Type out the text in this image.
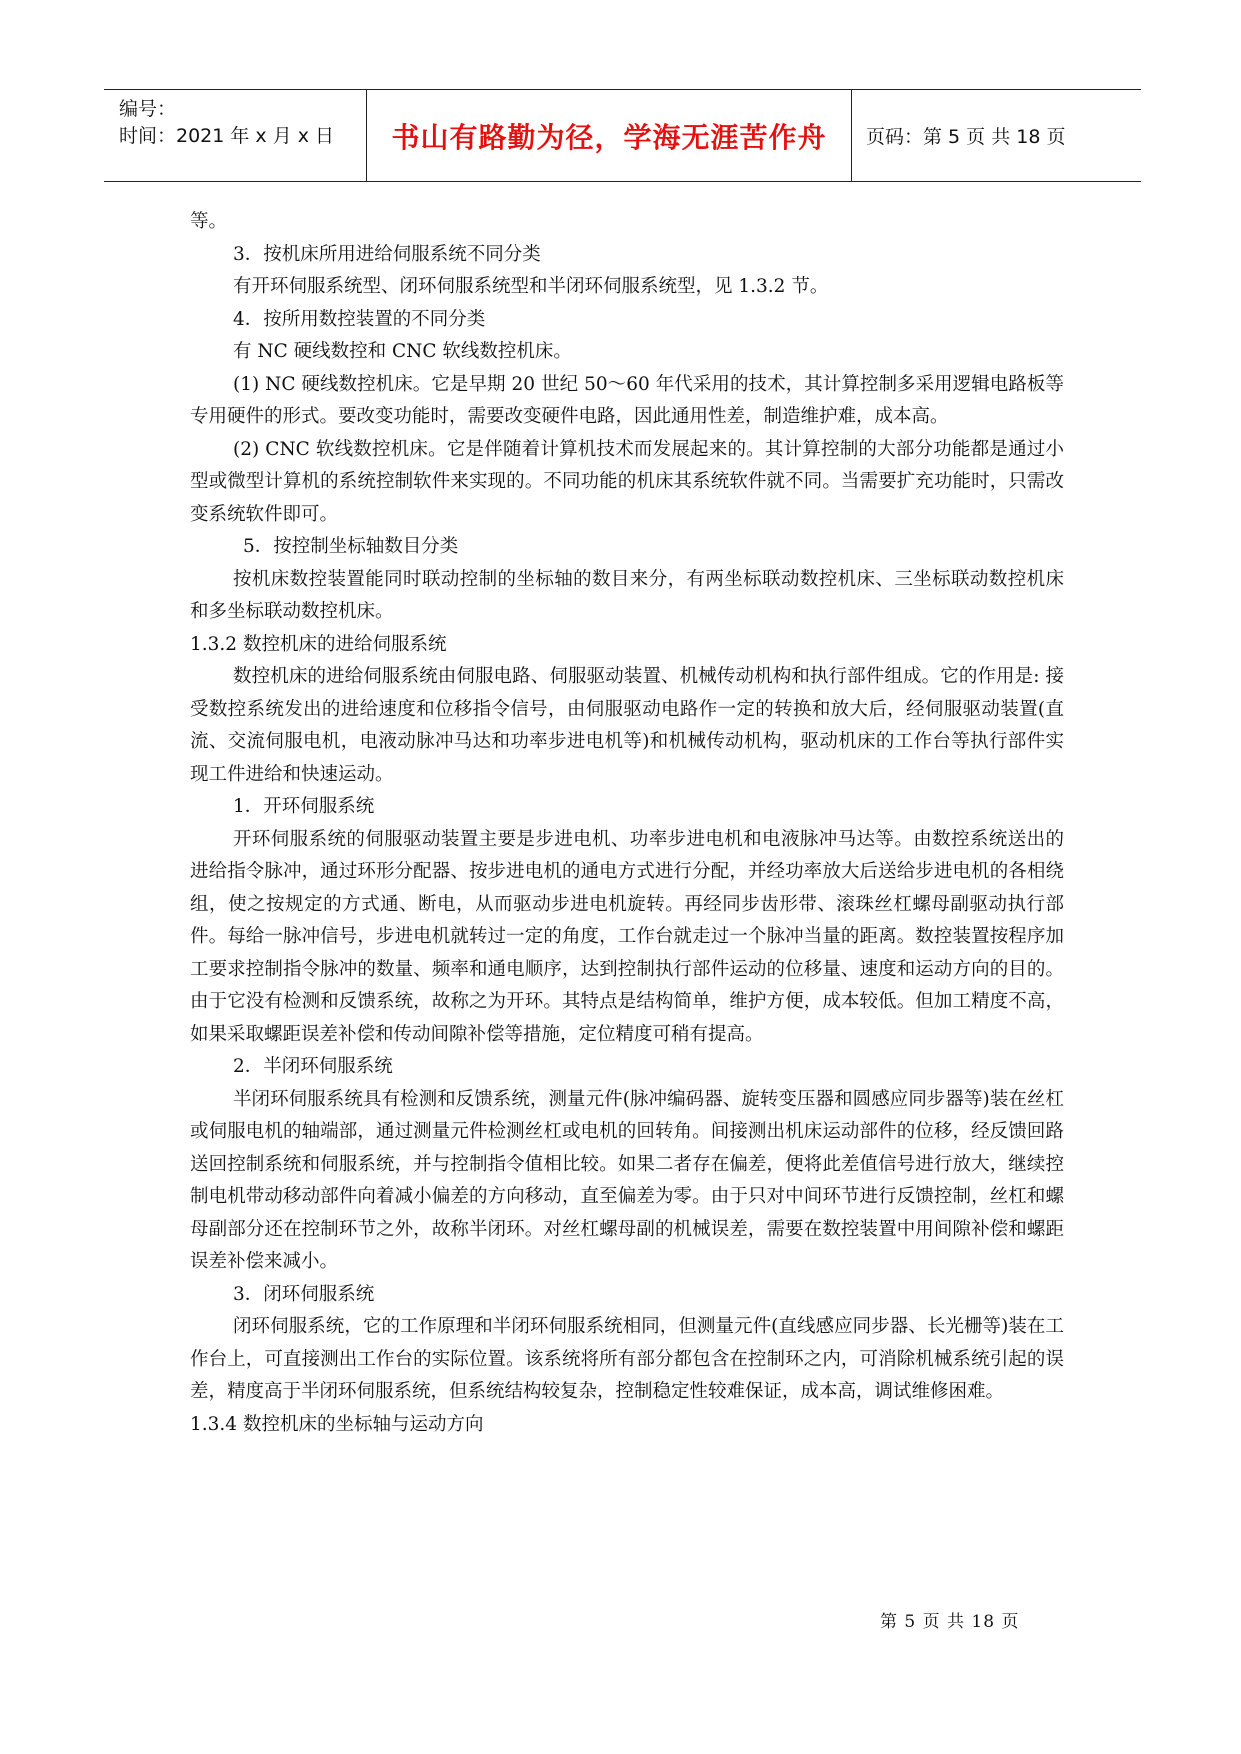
编号：
时间：2021 年 x 月 x 日	书山有路勤为径，学海无涯苦作舟 页码：第 5 页 共 18 页

等。

3．按机床所用进给伺服系统不同分类

有开环伺服系统型、闭环伺服系统型和半闭环伺服系统型，见 1.3.2 节。

4．按所用数控装置的不同分类

有 NC 硬线数控和 CNC 软线数控机床。

(1) NC 硬线数控机床。它是早期 20 世纪 50～60 年代采用的技术，其计算控制多采用逻辑电路板等专用硬件的形式。要改变功能时，需要改变硬件电路，因此通用性差，制造维护难，成本高。

(2) CNC 软线数控机床。它是伴随着计算机技术而发展起来的。其计算控制的大部分功能都是通过小型或微型计算机的系统控制软件来实现的。不同功能的机床其系统软件就不同。当需要扩充功能时，只需改变系统软件即可。

5．按控制坐标轴数目分类

按机床数控装置能同时联动控制的坐标轴的数目来分，有两坐标联动数控机床、三坐标联动数控机床和多坐标联动数控机床。

1.3.2 数控机床的进给伺服系统

数控机床的进给伺服系统由伺服电路、伺服驱动装置、机械传动机构和执行部件组成。它的作用是: 接受数控系统发出的进给速度和位移指令信号，由伺服驱动电路作一定的转换和放大后，经伺服驱动装置(直流、交流伺服电机，电液动脉冲马达和功率步进电机等)和机械传动机构，驱动机床的工作台等执行部件实现工件进给和快速运动。

1．开环伺服系统

开环伺服系统的伺服驱动装置主要是步进电机、功率步进电机和电液脉冲马达等。由数控系统送出的进给指令脉冲，通过环形分配器、按步进电机的通电方式进行分配，并经功率放大后送给步进电机的各相绕组，使之按规定的方式通、断电，从而驱动步进电机旋转。再经同步齿形带、滚珠丝杠螺母副驱动执行部件。每给一脉冲信号，步进电机就转过一定的角度，工作台就走过一个脉冲当量的距离。数控装置按程序加工要求控制指令脉冲的数量、频率和通电顺序，达到控制执行部件运动的位移量、速度和运动方向的目的。由于它没有检测和反馈系统，故称之为开环。其特点是结构简单，维护方便，成本较低。但加工精度不高，如果采取螺距误差补偿和传动间隙补偿等措施，定位精度可稍有提高。

2．半闭环伺服系统

半闭环伺服系统具有检测和反馈系统，测量元件(脉冲编码器、旋转变压器和圆感应同步器等)装在丝杠或伺服电机的轴端部，通过测量元件检测丝杠或电机的回转角。间接测出机床运动部件的位移，经反馈回路送回控制系统和伺服系统，并与控制指令值相比较。如果二者存在偏差，便将此差值信号进行放大，继续控制电机带动移动部件向着减小偏差的方向移动，直至偏差为零。由于只对中间环节进行反馈控制，丝杠和螺母副部分还在控制环节之外，故称半闭环。对丝杠螺母副的机械误差，需要在数控装置中用间隙补偿和螺距误差补偿来减小。

3．闭环伺服系统

闭环伺服系统，它的工作原理和半闭环伺服系统相同，但测量元件(直线感应同步器、长光栅等)装在工作台上，可直接测出工作台的实际位置。该系统将所有部分都包含在控制环之内，可消除机械系统引起的误差，精度高于半闭环伺服系统，但系统结构较复杂，控制稳定性较难保证，成本高，调试维修困难。

1.3.4 数控机床的坐标轴与运动方向

第 5 页 共 18 页
